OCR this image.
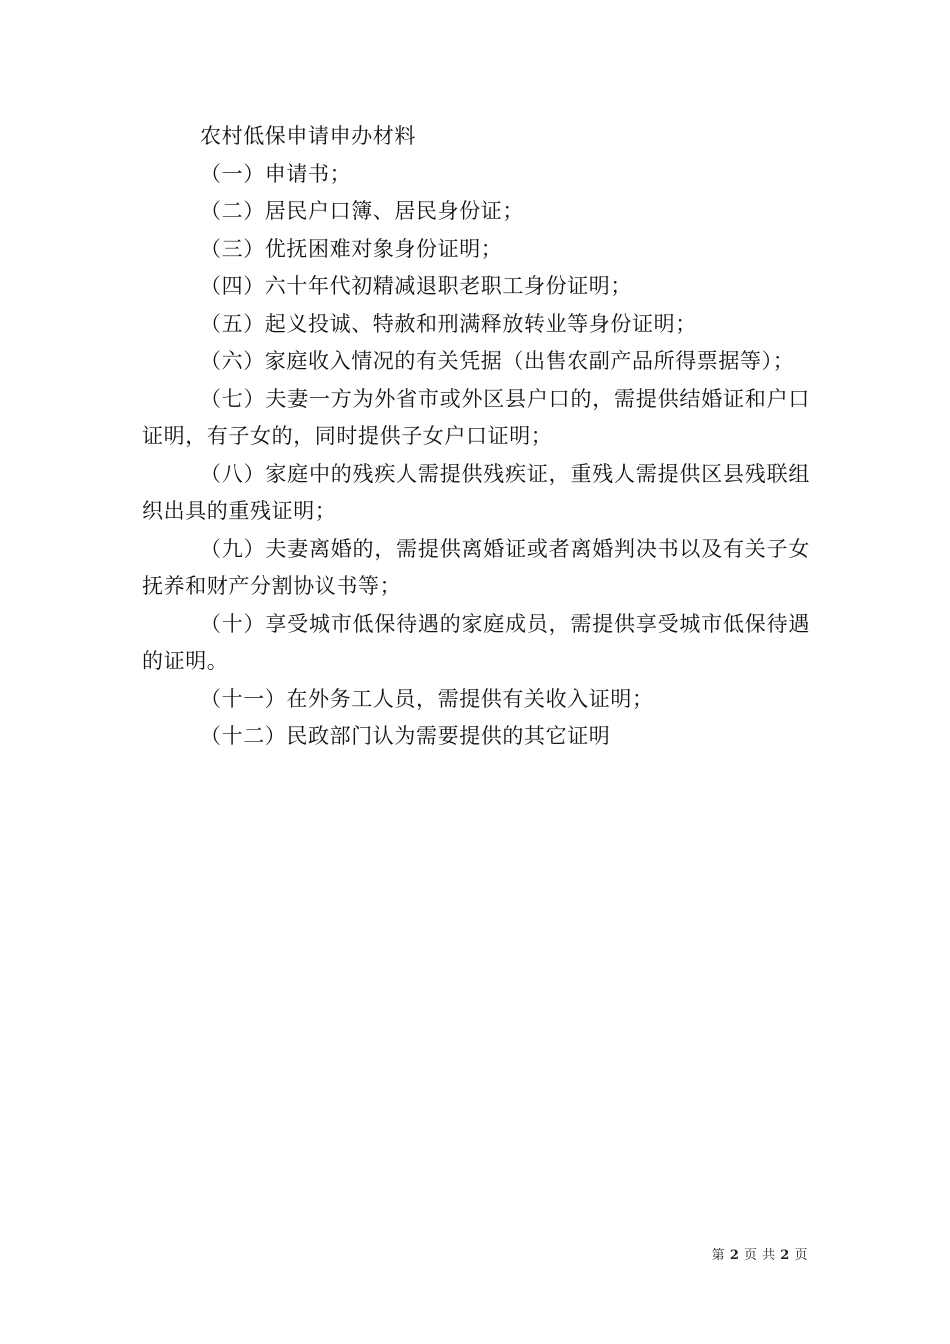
农村低保申请申办材料

（一）申请书；

（二）居民户口簿、居民身份证；

（三）优抚困难对象身份证明；

（四）六十年代初精减退职老职工身份证明；

（五）起义投诚、特赦和刑满释放转业等身份证明；

（六）家庭收入情况的有关凭据（出售农副产品所得票据等）；

（七）夫妻一方为外省市或外区县户口的，需提供结婚证和户口证明，有子女的，同时提供子女户口证明；

（八）家庭中的残疾人需提供残疾证，重残人需提供区县残联组织出具的重残证明；

（九）夫妻离婚的，需提供离婚证或者离婚判决书以及有关子女抚养和财产分割协议书等；

（十）享受城市低保待遇的家庭成员，需提供享受城市低保待遇的证明。

（十一）在外务工人员，需提供有关收入证明；

（十二）民政部门认为需要提供的其它证明

第 2 页 共 2 页
